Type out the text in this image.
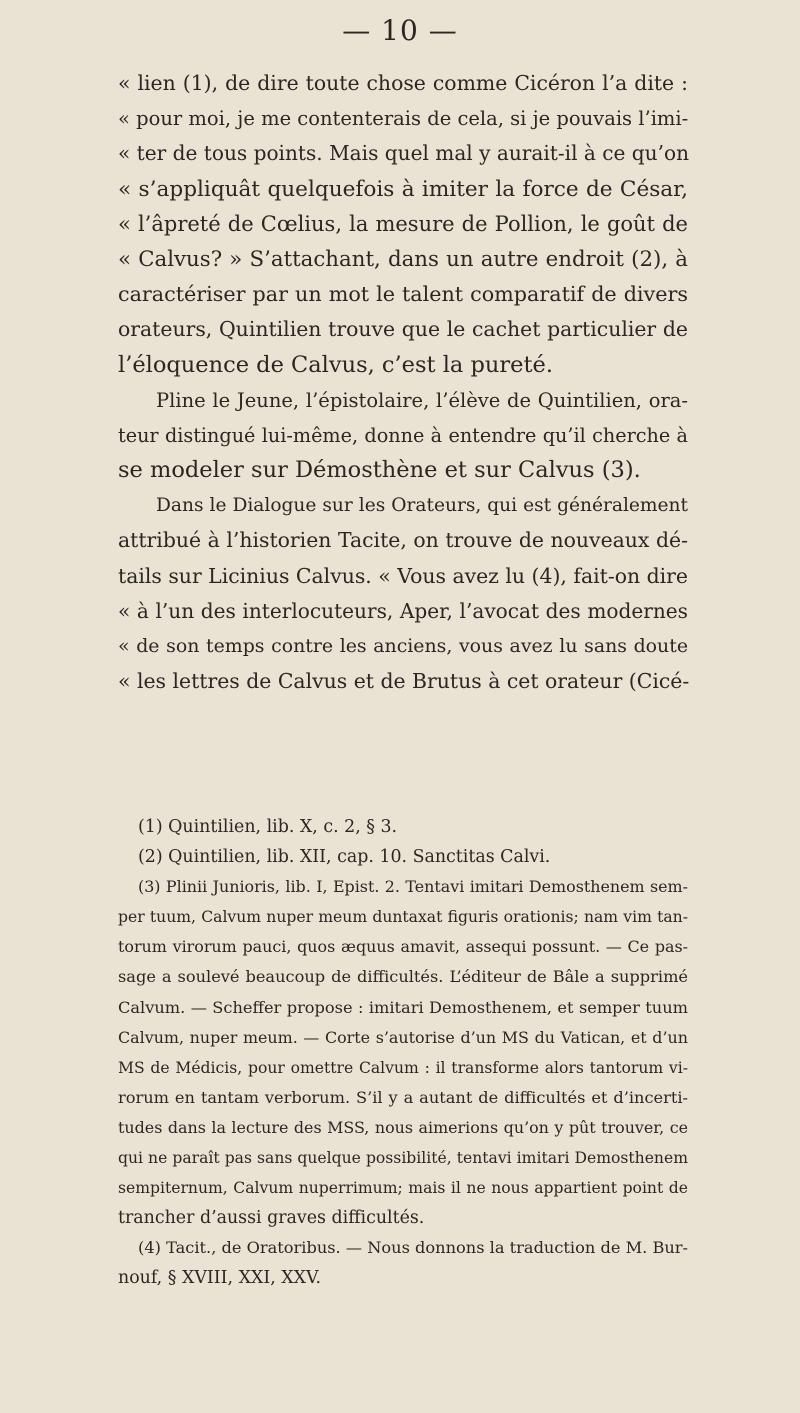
— 10 —
« lien (1), de dire toute chose comme Cicéron l’a dite :
« pour moi, je me contenterais de cela, si je pouvais l’imi-
« ter de tous points. Mais quel mal y aurait-il à ce qu’on
« s’appliquât quelquefois à imiter la force de César,
« l’âpreté de Cœlius, la mesure de Pollion, le goût de
« Calvus? » S’attachant, dans un autre endroit (2), à
caractériser par un mot le talent comparatif de divers
orateurs, Quintilien trouve que le cachet particulier de
l’éloquence de Calvus, c’est la pureté.
Pline le Jeune, l’épistolaire, l’élève de Quintilien, ora-
teur distingué lui-même, donne à entendre qu’il cherche à
se modeler sur Démosthène et sur Calvus (3).
Dans le Dialogue sur les Orateurs, qui est généralement
attribué à l’historien Tacite, on trouve de nouveaux dé-
tails sur Licinius Calvus. « Vous avez lu (4), fait-on dire
« à l’un des interlocuteurs, Aper, l’avocat des modernes
« de son temps contre les anciens, vous avez lu sans doute
« les lettres de Calvus et de Brutus à cet orateur (Cicé-
(1) Quintilien, lib. X, c. 2, § 3.
(2) Quintilien, lib. XII, cap. 10. Sanctitas Calvi.
(3) Plinii Junioris, lib. I, Epist. 2. Tentavi imitari Demosthenem sem-
per tuum, Calvum nuper meum duntaxat figuris orationis; nam vim tan-
torum virorum pauci, quos æquus amavit, assequi possunt. — Ce pas-
sage a soulevé beaucoup de difficultés. L’éditeur de Bâle a supprimé
Calvum. — Scheffer propose : imitari Demosthenem, et semper tuum
Calvum, nuper meum. — Corte s’autorise d’un MS du Vatican, et d’un
MS de Médicis, pour omettre Calvum : il transforme alors tantorum vi-
rorum en tantam verborum. S’il y a autant de difficultés et d’incerti-
tudes dans la lecture des MSS, nous aimerions qu’on y pût trouver, ce
qui ne paraît pas sans quelque possibilité, tentavi imitari Demosthenem
sempiternum, Calvum nuperrimum; mais il ne nous appartient point de
trancher d’aussi graves difficultés.
(4) Tacit., de Oratoribus. — Nous donnons la traduction de M. Bur-
nouf, § XVIII, XXI, XXV.
